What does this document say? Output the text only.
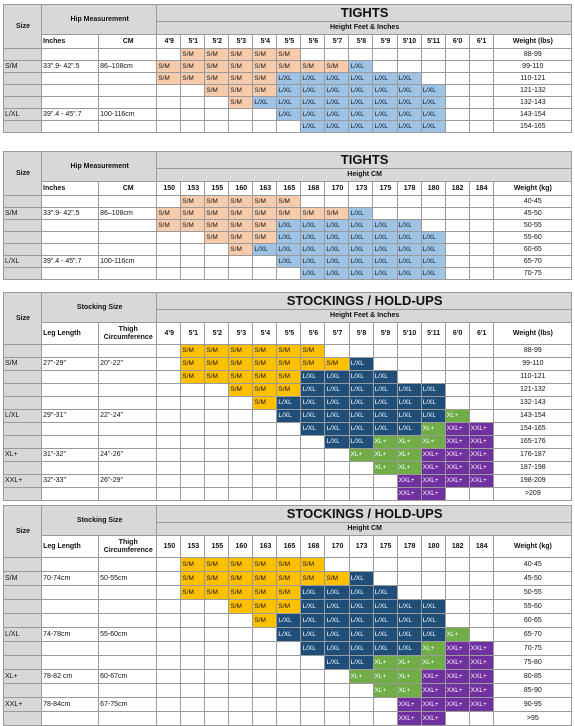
Size	Hip Measurement		TIGHTS														
			Height Feet & Inches														
	Inches	CM	4'9	5'1	5'2	5'3	5'4	5'5	5'6	5'7	5'8	5'9	5'10	5'11	6'0	6'1	Weight (lbs)
				S/M	S/M	S/M	S/M	S/M									88-99
S/M	33".9- 42".5	86–108cm	S/M	S/M	S/M	S/M	S/M	S/M	S/M	S/M	L/XL						99-110
			S/M	S/M	S/M	S/M	S/M	L/XL	L/XL	L/XL	L/XL	L/XL	L/XL				110-121
					S/M	S/M	S/M	L/XL	L/XL	L/XL	L/XL	L/XL	L/XL	L/XL			121-132
						S/M	L/XL	L/XL	L/XL	L/XL	L/XL	L/XL	L/XL	L/XL			132-143
L/XL	39".4 - 45".7	100-116cm						L/XL	L/XL	L/XL	L/XL	L/XL	L/XL	L/XL			143-154
									L/XL	L/XL	L/XL	L/XL	L/XL	L/XL			154-165
Size	Hip Measurement		TIGHTS														
			Height CM														
	Inches	CM	150	153	155	160	163	165	168	170	173	175	178	180	182	184	Weight (kg)
				S/M	S/M	S/M	S/M	S/M									40-45
S/M	33".9- 42".5	86–108cm	S/M	S/M	S/M	S/M	S/M	S/M	S/M	S/M	L/XL						45-50
			S/M	S/M	S/M	S/M	S/M	L/XL	L/XL	L/XL	L/XL	L/XL	L/XL				50-55
					S/M	S/M	S/M	L/XL	L/XL	L/XL	L/XL	L/XL	L/XL	L/XL			55-60
						S/M	L/XL	L/XL	L/XL	L/XL	L/XL	L/XL	L/XL	L/XL			60-65
L/XL	39".4 - 45".7	100-116cm						L/XL	L/XL	L/XL	L/XL	L/XL	L/XL	L/XL			65-70
									L/XL	L/XL	L/XL	L/XL	L/XL	L/XL			70-75
Size	Stocking Size		STOCKINGS / HOLD-UPS														
			Height Feet & Inches														
	Leg Length	Thigh Circumference	4'9	5'1	5'2	5'3	5'4	5'5	5'6	5'7	5'8	5'9	5'10	5'11	6'0	6'1	Weight (lbs)
				S/M	S/M	S/M	S/M	S/M	S/M								88-99
S/M	27"-29"	20"-22"		S/M	S/M	S/M	S/M	S/M	S/M	S/M	L/XL						99-110
				S/M	S/M	S/M	S/M	S/M	L/XL	L/XL	L/XL	L/XL					110-121
						S/M	S/M	S/M	L/XL	L/XL	L/XL	L/XL	L/XL	L/XL			121-132
							S/M	L/XL	L/XL	L/XL	L/XL	L/XL	L/XL	L/XL			132-143
L/XL	29"-31"	22"-24"						L/XL	L/XL	L/XL	L/XL	L/XL	L/XL	L/XL	XL+		143-154
									L/XL	L/XL	L/XL	L/XL	L/XL	XL+	XXL+	XXL+	154-165
										L/XL	L/XL	XL+	XL+	XL+	XXL+	XXL+	165-176
XL+	31"-32"	24"-26"									XL+	XL+	XL+	XXL+	XXL+	XXL+	176-187
												XL+	XL+	XXL+	XXL+	XXL+	187-198
XXL+	32"-33"	26"-29"											XXL+	XXL+	XXL+	XXL+	198-209
													XXL+	XXL+			>209
Size	Stocking Size		STOCKINGS / HOLD-UPS														
			Height CM														
	Leg Length	Thigh Circumference	150	153	155	160	163	165	168	170	173	175	178	180	182	184	Weight (kg)
				S/M	S/M	S/M	S/M	S/M	S/M								40-45
S/M	70-74cm	50-55cm		S/M	S/M	S/M	S/M	S/M	S/M	S/M	L/XL						45-50
				S/M	S/M	S/M	S/M	S/M	L/XL	L/XL	L/XL	L/XL					50-55
						S/M	S/M	S/M	L/XL	L/XL	L/XL	L/XL	L/XL	L/XL			55-60
							S/M	L/XL	L/XL	L/XL	L/XL	L/XL	L/XL	L/XL			60-65
L/XL	74-78cm	55-60cm						L/XL	L/XL	L/XL	L/XL	L/XL	L/XL	L/XL	XL+		65-70
									L/XL	L/XL	L/XL	L/XL	L/XL	XL+	XXL+	XXL+	70-75
										L/XL	L/XL	XL+	XL+	XL+	XXL+	XXL+	75-80
XL+	78-82 cm	60-67cm									XL+	XL+	XL+	XXL+	XXL+	XXL+	80-85
												XL+	XL+	XXL+	XXL+	XXL+	85-90
XXL+	78-84cm	67-75cm											XXL+	XXL+	XXL+	XXL+	90-95
													XXL+	XXL+			>95
